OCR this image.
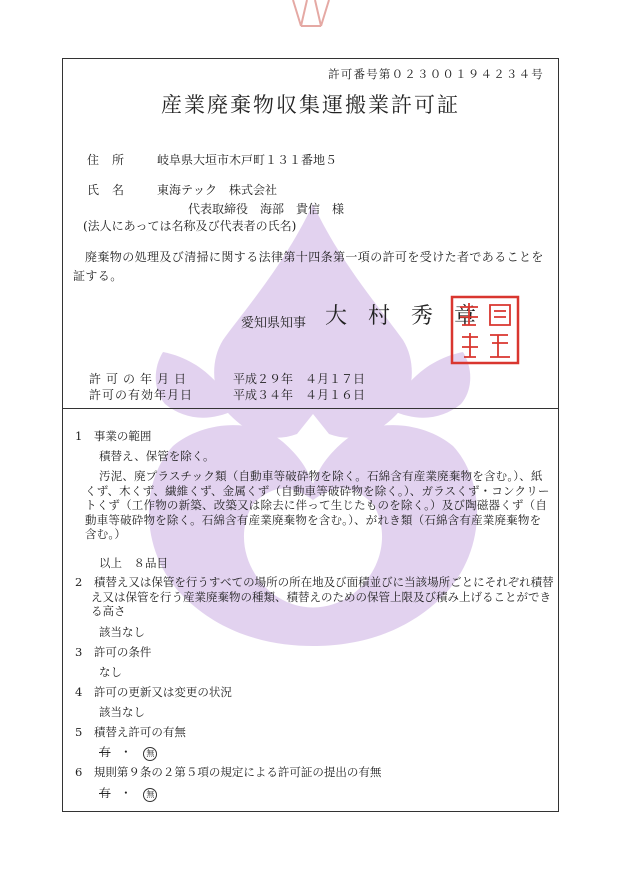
許可番号第０２３００１９４２３４号
産業廃棄物収集運搬業許可証
住所 岐阜県大垣市木戸町１３１番地５
氏名 東海テック　株式会社
代表取締役　海部　貴信　様
(法人にあっては名称及び代表者の氏名)
廃棄物の処理及び清掃に関する法律第十四条第一項の許可を受けた者であることを証する。
愛知県知事 大村秀章
許可の年月日	平成２９年　４月１７日
許可の有効年月日	平成３４年　４月１６日
1　事業の範囲
積替え、保管を除く。
汚泥、廃プラスチック類（自動車等破砕物を除く。石綿含有産業廃棄物を含む。）、紙くず、木くず、繊維くず、金属くず（自動車等破砕物を除く。）、ガラスくず・コンクリートくず（工作物の新築、改築又は除去に伴って生じたものを除く。）及び陶磁器くず（自動車等破砕物を除く。石綿含有産業廃棄物を含む。）、がれき類（石綿含有産業廃棄物を含む。）
以上　８品目
2　積替え又は保管を行うすべての場所の所在地及び面積並びに当該場所ごとにそれぞれ積替え又は保管を行う産業廃棄物の種類、積替えのための保管上限及び積み上げることができる高さ
該当なし
3　許可の条件
なし
4　許可の更新又は変更の状況
該当なし
5　積替え許可の有無
有 ・ 無
6　規則第９条の２第５項の規定による許可証の提出の有無
有 ・ 無
